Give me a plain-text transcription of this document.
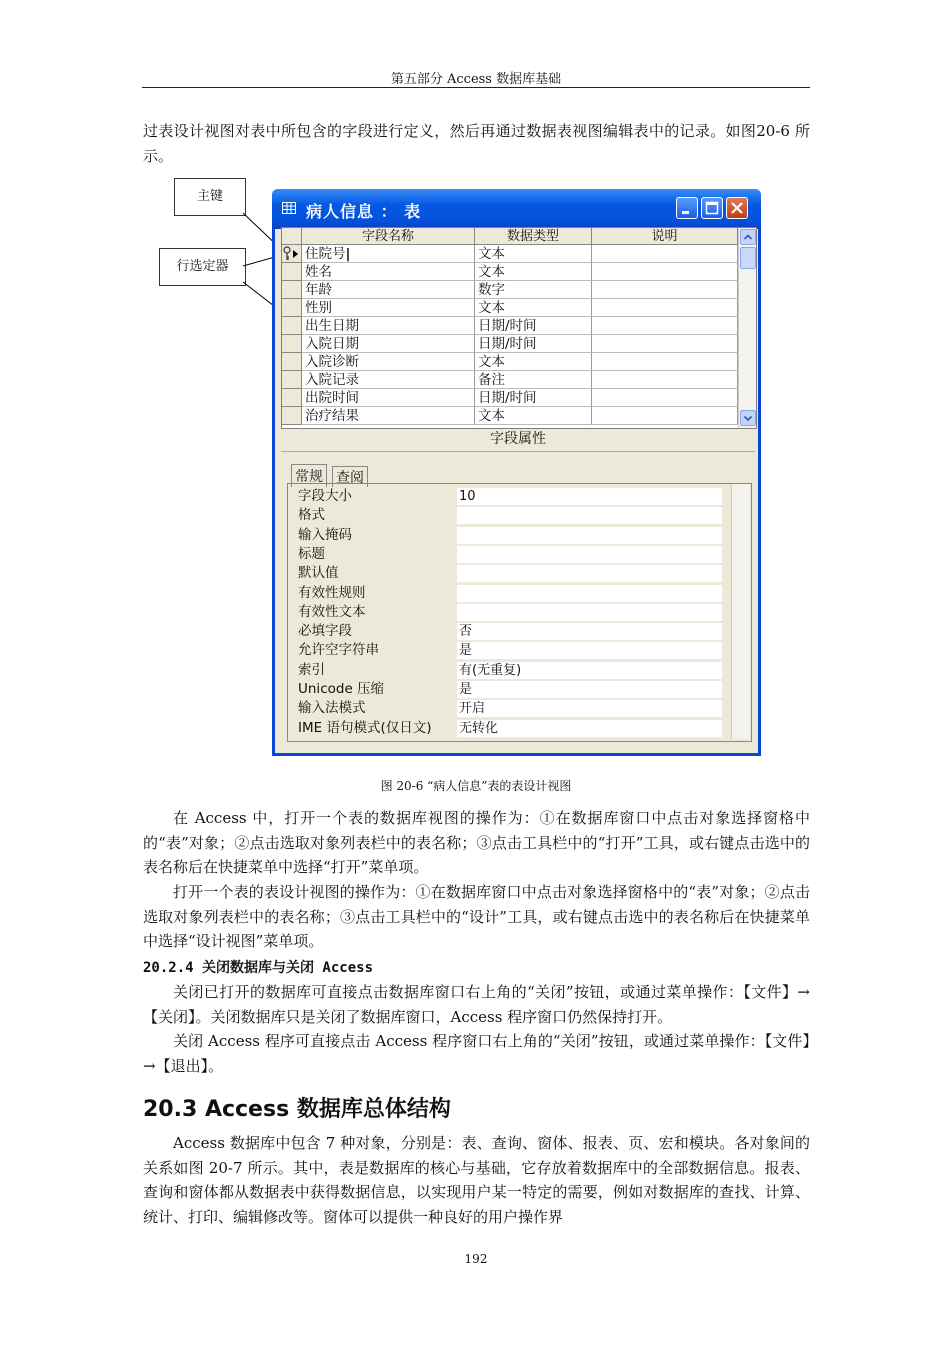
第五部分 Access 数据库基础

过表设计视图对表中所包含的字段进行定义，然后再通过数据表视图编辑表中的记录。如图20-6 所示。

主键
行选定器
病人信息 ： 表
字段名称	数据类型	说明
住院号|	文本
姓名	文本
年龄	数字
性别	文本
出生日期	日期/时间
入院日期	日期/时间
入院诊断	文本
入院记录	备注
出院时间	日期/时间
治疗结果	文本
字段属性
常规 查阅
字段大小	10
格式
输入掩码
标题
默认值
有效性规则
有效性文本
必填字段	否
允许空字符串	是
索引	有(无重复)
Unicode 压缩	是
输入法模式	开启
IME 语句模式(仅日文) 无转化
图 20-6 “病人信息”表的表设计视图

在 Access 中，打开一个表的数据库视图的操作为：①在数据库窗口中点击对象选择窗格中的“表”对象；②点击选取对象列表栏中的表名称；③点击工具栏中的“打开”工具，或右键点击选中的表名称后在快捷菜单中选择“打开”菜单项。

打开一个表的表设计视图的操作为：①在数据库窗口中点击对象选择窗格中的“表”对象；②点击选取对象列表栏中的表名称；③点击工具栏中的“设计”工具，或右键点击选中的表名称后在快捷菜单中选择“设计视图”菜单项。

20.2.4 关闭数据库与关闭 Access

关闭已打开的数据库可直接点击数据库窗口右上角的“关闭”按钮，或通过菜单操作：【文件】→【关闭】。关闭数据库只是关闭了数据库窗口，Access 程序窗口仍然保持打开。

关闭 Access 程序可直接点击 Access 程序窗口右上角的“关闭”按钮，或通过菜单操作：【文件】→【退出】。

20.3 Access 数据库总体结构

Access 数据库中包含 7 种对象，分别是：表、查询、窗体、报表、页、宏和模块。各对象间的关系如图 20-7 所示。其中，表是数据库的核心与基础，它存放着数据库中的全部数据信息。报表、查询和窗体都从数据表中获得数据信息，以实现用户某一特定的需要，例如对数据库的查找、计算、统计、打印、编辑修改等。窗体可以提供一种良好的用户操作界

192
